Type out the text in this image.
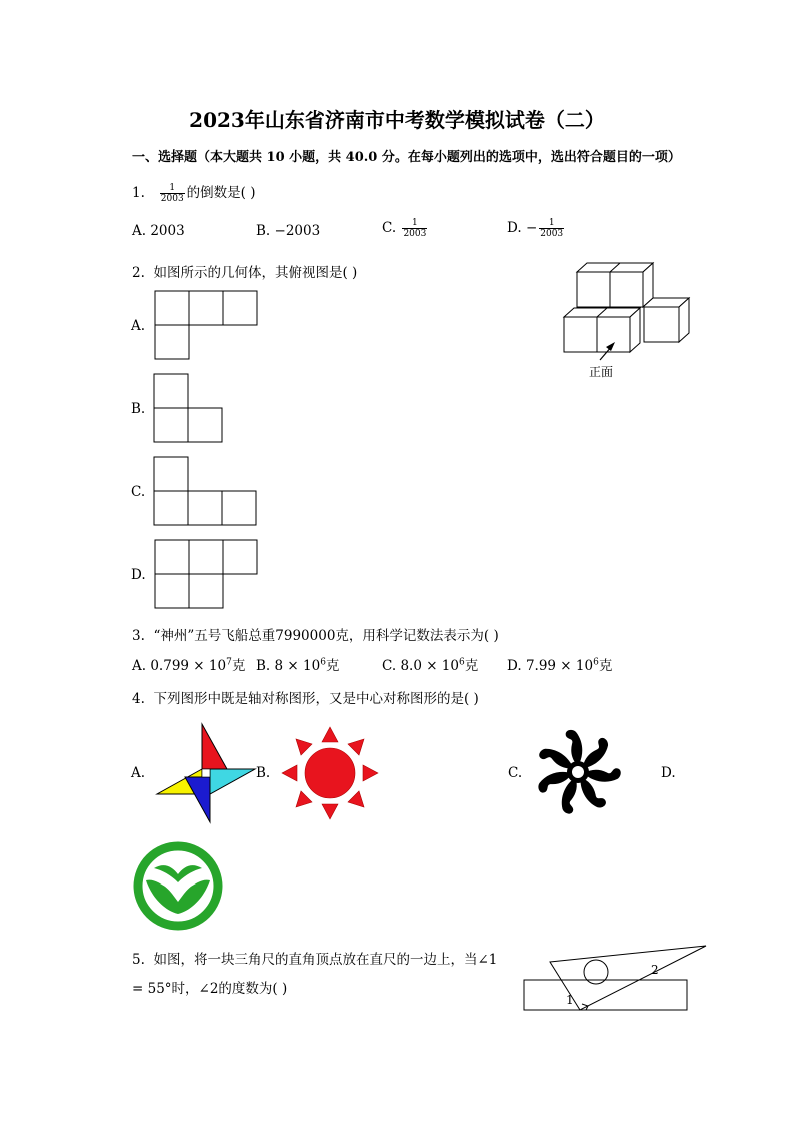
2023年山东省济南市中考数学模拟试卷（二）
一、选择题（本大题共 10 小题，共 40.0 分。在每小题列出的选项中，选出符合题目的一项）
1. $\frac{1}{2003}$ 的倒数是( )
A. 2003	B. −2003	C. $\frac{1}{2003}$	D. − $\frac{1}{2003}$
2. 如图所示的几何体，其俯视图是( )
正面
A.
B.
C.
D.
3. “神州”五号飞船总重7990000克，用科学记数法表示为( )
A. $0.799 \times 10^7$克 B. $8 \times 10^6$克	C. $8.0 \times 10^6$克 D. $7.99 \times 10^6$克
4. 下列图形中既是轴对称图形，又是中心对称图形的是( )
A.	B.	C.	D.
5. 如图，将一块三角尺的直角顶点放在直尺的一边上，当∠1
= 55°时，∠2的度数为( )
1
2
